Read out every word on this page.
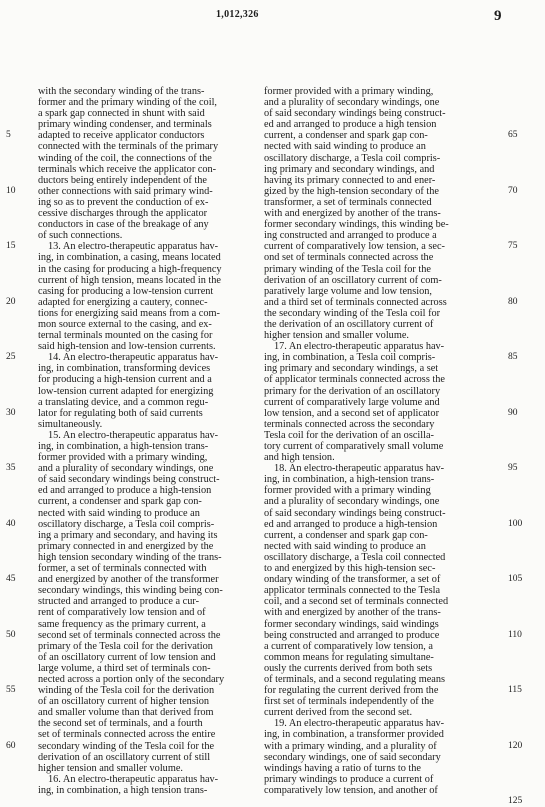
1,012,326	9
with the secondary winding of the trans-
former and the primary winding of the coil,
a spark gap connected in shunt with said
primary winding condenser, and terminals
adapted to receive applicator conductors
connected with the terminals of the primary
winding of the coil, the connections of the
terminals which receive the applicator con-
ductors being entirely independent of the
other connections with said primary wind-
ing so as to prevent the conduction of ex-
cessive discharges through the applicator
conductors in case of the breakage of any
of such connections.
13. An electro-therapeutic apparatus hav-
ing, in combination, a casing, means located
in the casing for producing a high-frequency
current of high tension, means located in the
casing for producing a low-tension current
adapted for energizing a cautery, connec-
tions for energizing said means from a com-
mon source external to the casing, and ex-
ternal terminals mounted on the casing for
said high-tension and low-tension currents.
14. An electro-therapeutic apparatus hav-
ing, in combination, transforming devices
for producing a high-tension current and a
low-tension current adapted for energizing
a translating device, and a common regu-
lator for regulating both of said currents
simultaneously.
15. An electro-therapeutic apparatus hav-
ing, in combination, a high-tension trans-
former provided with a primary winding,
and a plurality of secondary windings, one
of said secondary windings being construct-
ed and arranged to produce a high-tension
current, a condenser and spark gap con-
nected with said winding to produce an
oscillatory discharge, a Tesla coil compris-
ing a primary and secondary, and having its
primary connected in and energized by the
high tension secondary winding of the trans-
former, a set of terminals connected with
and energized by another of the transformer
secondary windings, this winding being con-
structed and arranged to produce a cur-
rent of comparatively low tension and of
same frequency as the primary current, a
second set of terminals connected across the
primary of the Tesla coil for the derivation
of an oscillatory current of low tension and
large volume, a third set of terminals con-
nected across a portion only of the secondary
winding of the Tesla coil for the derivation
of an oscillatory current of higher tension
and smaller volume than that derived from
the second set of terminals, and a fourth
set of terminals connected across the entire
secondary winding of the Tesla coil for the
derivation of an oscillatory current of still
higher tension and smaller volume.
16. An electro-therapeutic apparatus hav-
ing, in combination, a high tension trans-
former provided with a primary winding,
and a plurality of secondary windings, one
of said secondary windings being construct-
ed and arranged to produce a high tension
current, a condenser and spark gap con-
nected with said winding to produce an
oscillatory discharge, a Tesla coil compris-
ing primary and secondary windings, and
having its primary connected to and ener-
gized by the high-tension secondary of the
transformer, a set of terminals connected
with and energized by another of the trans-
former secondary windings, this winding be-
ing constructed and arranged to produce a
current of comparatively low tension, a sec-
ond set of terminals connected across the
primary winding of the Tesla coil for the
derivation of an oscillatory current of com-
paratively large volume and low tension,
and a third set of terminals connected across
the secondary winding of the Tesla coil for
the derivation of an oscillatory current of
higher tension and smaller volume.
17. An electro-therapeutic apparatus hav-
ing, in combination, a Tesla coil compris-
ing primary and secondary windings, a set
of applicator terminals connected across the
primary for the derivation of an oscillatory
current of comparatively large volume and
low tension, and a second set of applicator
terminals connected across the secondary
Tesla coil for the derivation of an oscilla-
tory current of comparatively small volume
and high tension.
18. An electro-therapeutic apparatus hav-
ing, in combination, a high-tension trans-
former provided with a primary winding
and a plurality of secondary windings, one
of said secondary windings being construct-
ed and arranged to produce a high-tension
current, a condenser and spark gap con-
nected with said winding to produce an
oscillatory discharge, a Tesla coil connected
to and energized by this high-tension sec-
ondary winding of the transformer, a set of
applicator terminals connected to the Tesla
coil, and a second set of terminals connected
with and energized by another of the trans-
former secondary windings, said windings
being constructed and arranged to produce
a current of comparatively low tension, a
common means for regulating simultane-
ously the currents derived from both sets
of terminals, and a second regulating means
for regulating the current derived from the
first set of terminals independently of the
current derived from the second set.
19. An electro-therapeutic apparatus hav-
ing, in combination, a transformer provided
with a primary winding, and a plurality of
secondary windings, one of said secondary
windings having a ratio of turns to the
primary windings to produce a current of
comparatively low tension, and another of
5
10
15
20
25
30
35
40
45
50
55
60
65
70
75
80
85
90
95
100
105
110
115
120
125
